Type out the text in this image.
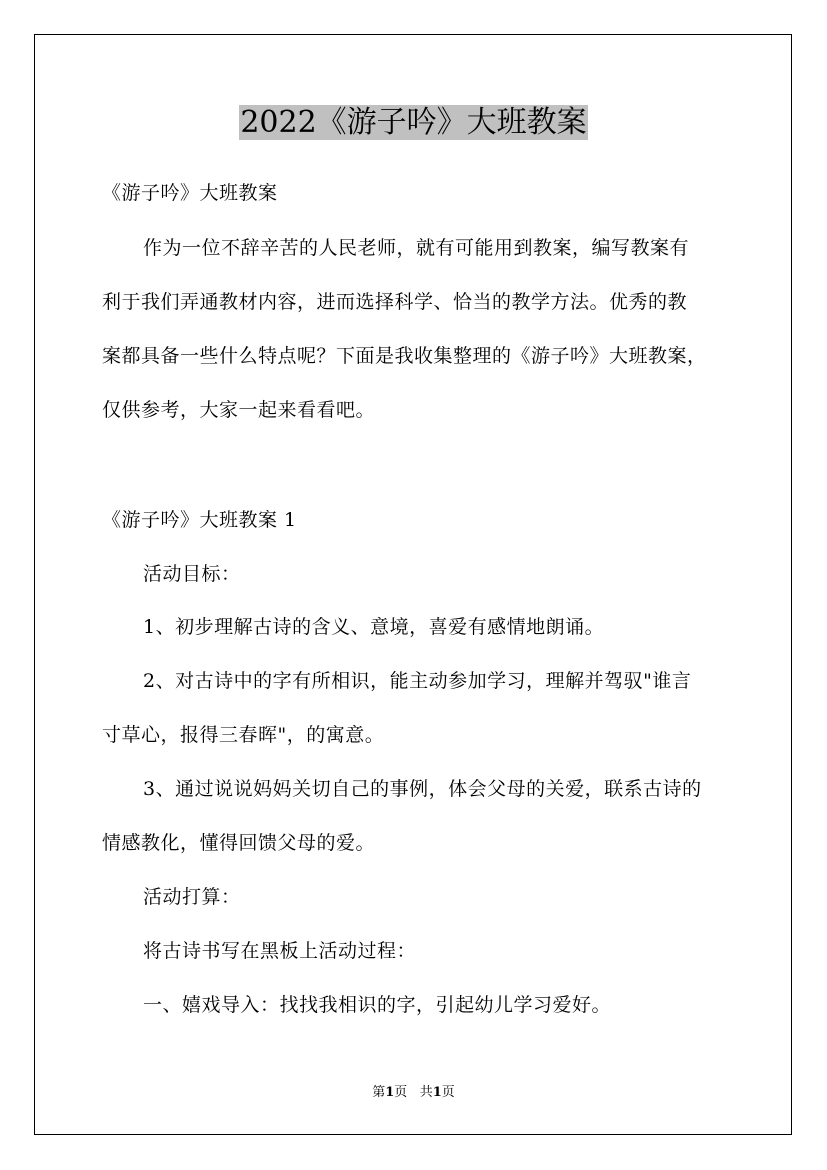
2022《游子吟》大班教案
《游子吟》大班教案
作为一位不辞辛苦的人民老师，就有可能用到教案，编写教案有
利于我们弄通教材内容，进而选择科学、恰当的教学方法。优秀的教
案都具备一些什么特点呢？下面是我收集整理的《游子吟》大班教案，
仅供参考，大家一起来看看吧。
《游子吟》大班教案 1
活动目标：
1、初步理解古诗的含义、意境，喜爱有感情地朗诵。
2、对古诗中的字有所相识，能主动参加学习，理解并驾驭"谁言
寸草心，报得三春晖"，的寓意。
3、通过说说妈妈关切自己的事例，体会父母的关爱，联系古诗的
情感教化，懂得回馈父母的爱。
活动打算：
将古诗书写在黑板上活动过程：
一、嬉戏导入：找找我相识的字，引起幼儿学习爱好。
第1页 共1页
